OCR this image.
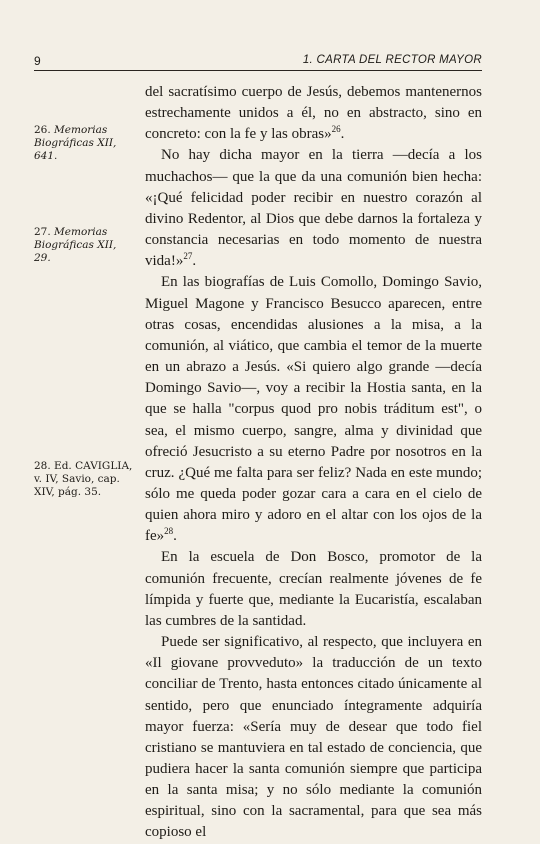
9	1. CARTA DEL RECTOR MAYOR
26. Memorias Biográficas XII, 641.
27. Memorias Biográficas XII, 29.
28. Ed. CAVIGLIA, v. IV, Savio, cap. XIV, pág. 35.

del sacratísimo cuerpo de Jesús, debemos mantenernos estrechamente unidos a él, no en abstracto, sino en concreto: con la fe y las obras»$^{26}$.

No hay dicha mayor en la tierra —decía a los muchachos— que la que da una comunión bien hecha: «¡Qué felicidad poder recibir en nuestro corazón al divino Redentor, al Dios que debe darnos la fortaleza y constancia necesarias en todo momento de nuestra vida!»$^{27}$.

En las biografías de Luis Comollo, Domingo Savio, Miguel Magone y Francisco Besucco aparecen, entre otras cosas, encendidas alusiones a la misa, a la comunión, al viático, que cambia el temor de la muerte en un abrazo a Jesús. «Si quiero algo grande —decía Domingo Savio—, voy a recibir la Hostia santa, en la que se halla "corpus quod pro nobis tráditum est", o sea, el mismo cuerpo, sangre, alma y divinidad que ofreció Jesucristo a su eterno Padre por nosotros en la cruz. ¿Qué me falta para ser feliz? Nada en este mundo; sólo me queda poder gozar cara a cara en el cielo de quien ahora miro y adoro en el altar con los ojos de la fe»$^{28}$.

En la escuela de Don Bosco, promotor de la comunión frecuente, crecían realmente jóvenes de fe límpida y fuerte que, mediante la Eucaristía, escalaban las cumbres de la santidad.

Puede ser significativo, al respecto, que incluyera en «Il giovane provveduto» la traducción de un texto conciliar de Trento, hasta entonces citado únicamente al sentido, pero que enunciado íntegramente adquiría mayor fuerza: «Sería muy de desear que todo fiel cristiano se mantuviera en tal estado de conciencia, que pudiera hacer la santa comunión siempre que participa en la santa misa; y no sólo mediante la comunión espiritual, sino con la sacramental, para que sea más copioso el
